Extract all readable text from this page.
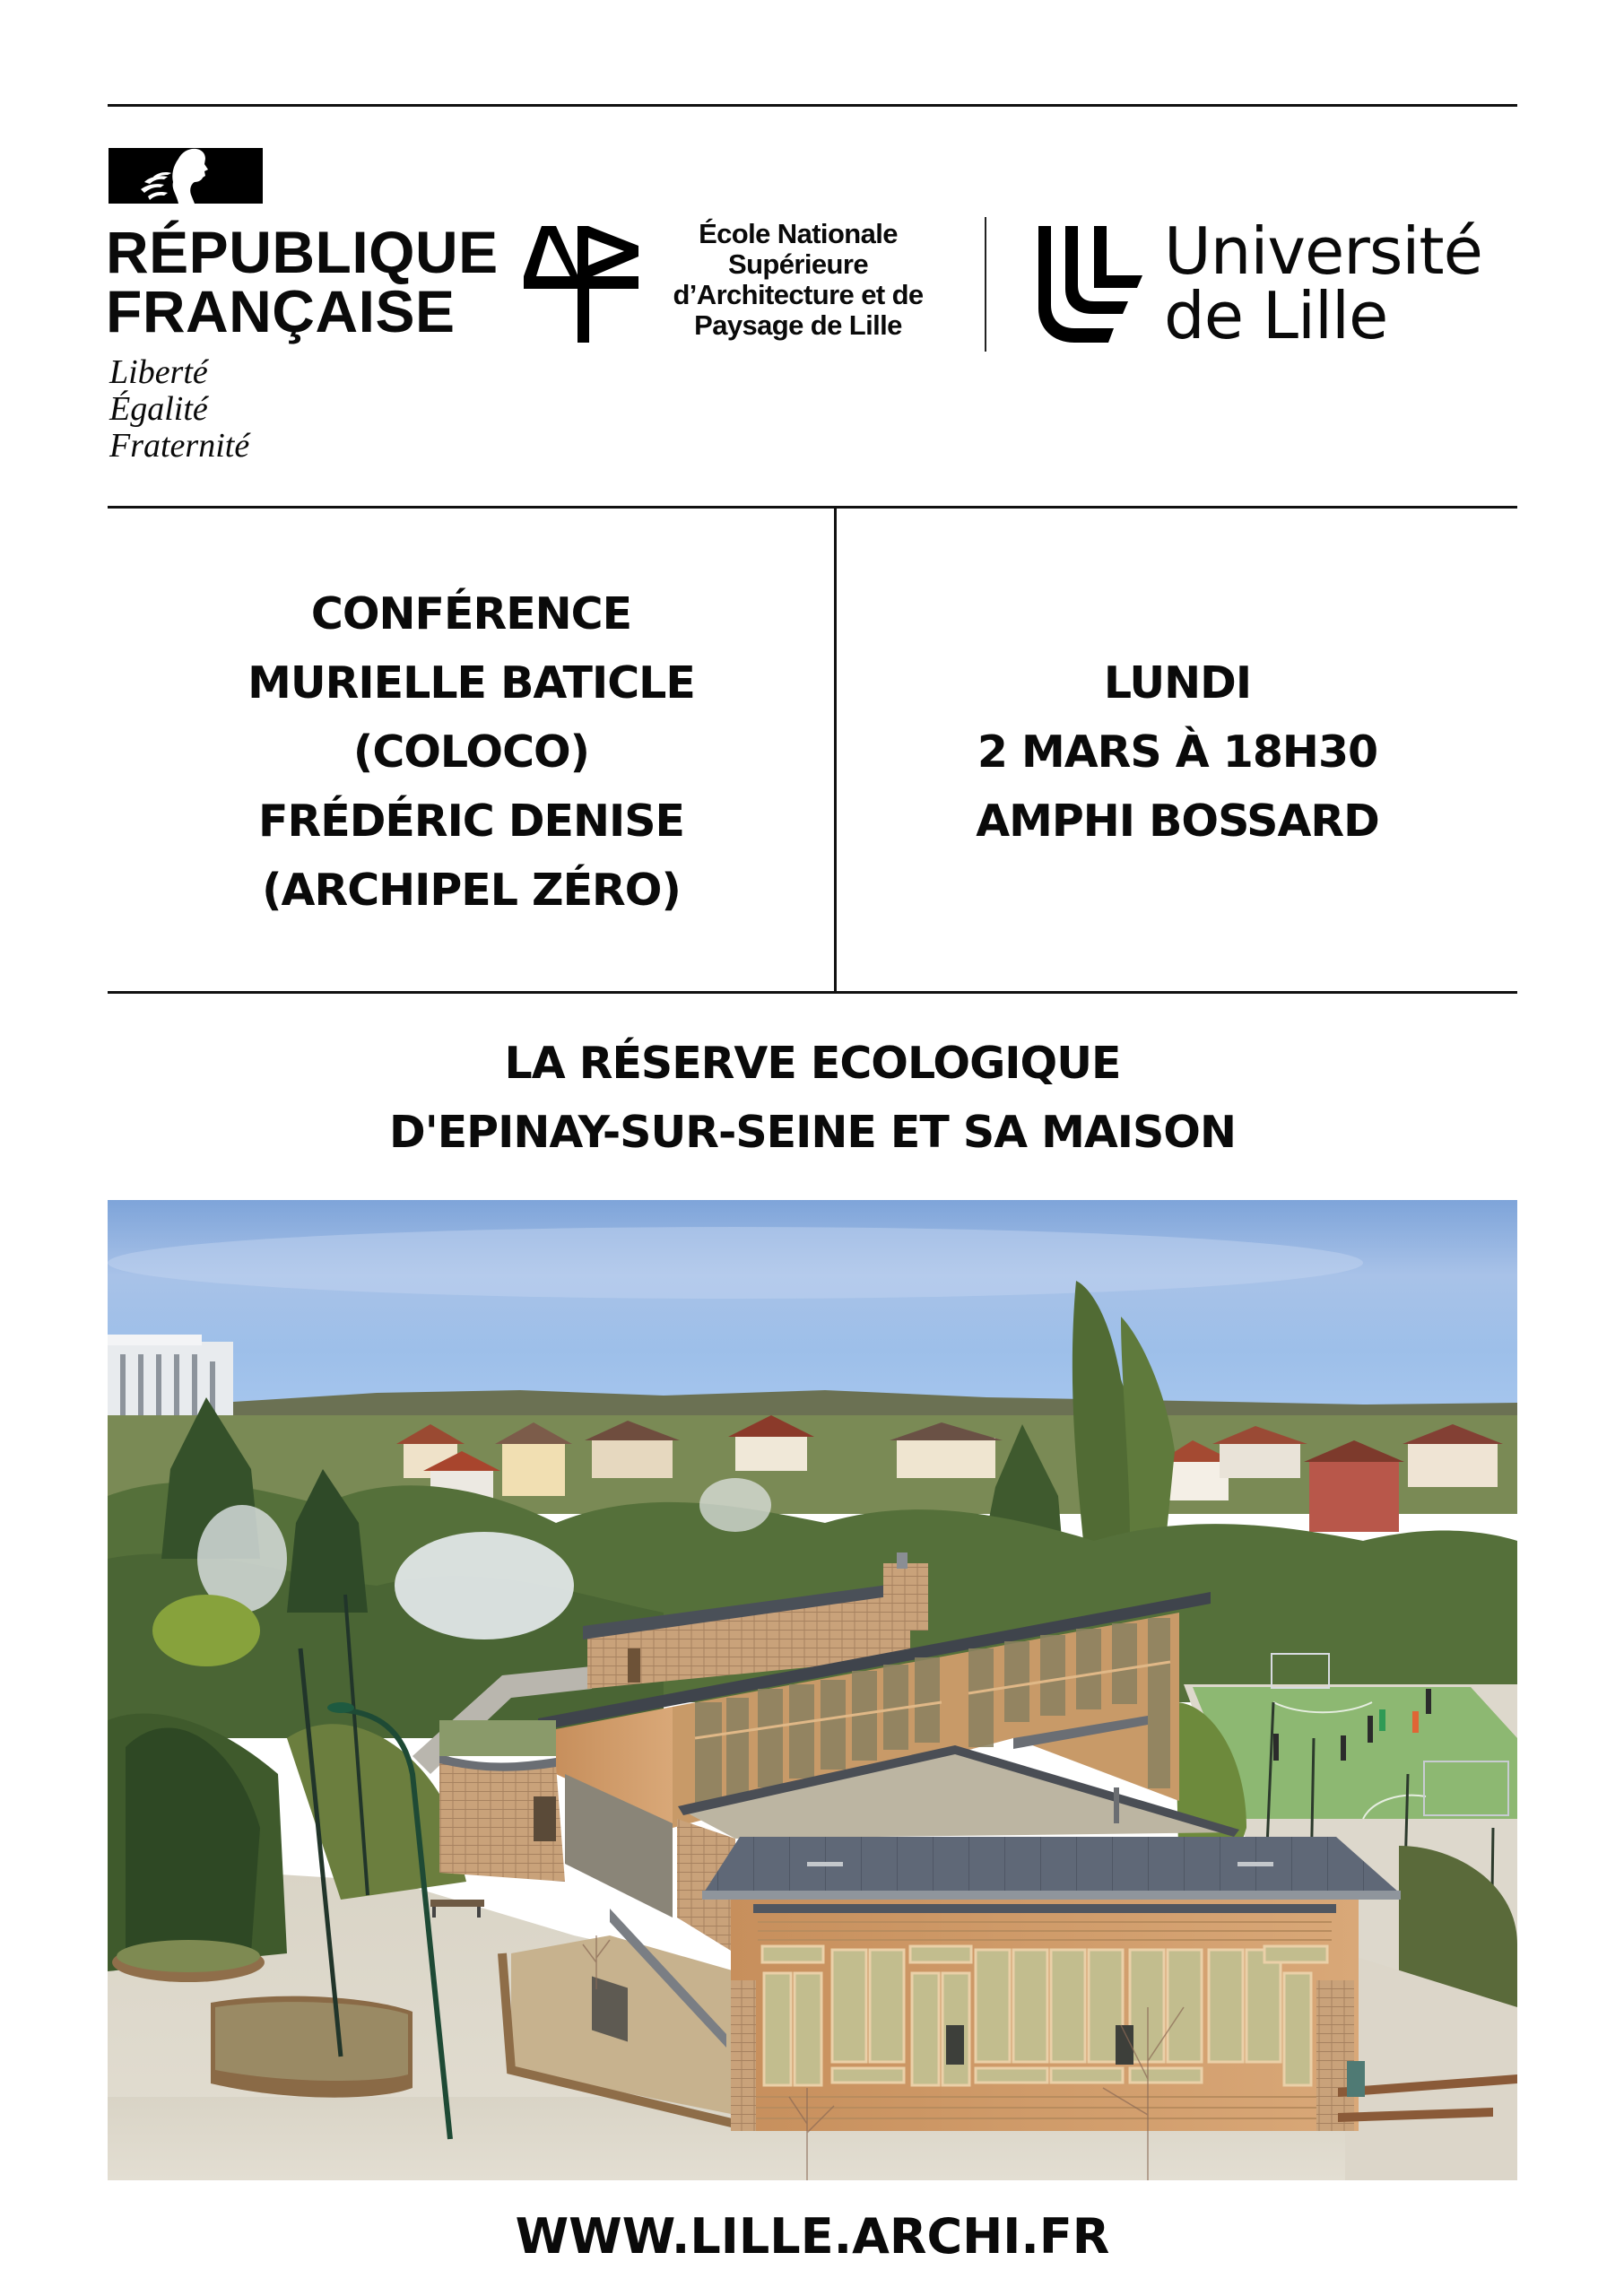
RÉPUBLIQUE
FRANÇAISE
Liberté
Égalité
Fraternité
École Nationale
Supérieure
d’Architecture et de
Paysage de Lille
Université
de Lille
CONFÉRENCE
MURIELLE BATICLE
(COLOCO)
FRÉDÉRIC DENISE
(ARCHIPEL ZÉRO)
LUNDI
2 MARS À 18H30
AMPHI BOSSARD
LA RÉSERVE ECOLOGIQUE
D'EPINAY-SUR-SEINE ET SA MAISON
WWW.LILLE.ARCHI.FR
